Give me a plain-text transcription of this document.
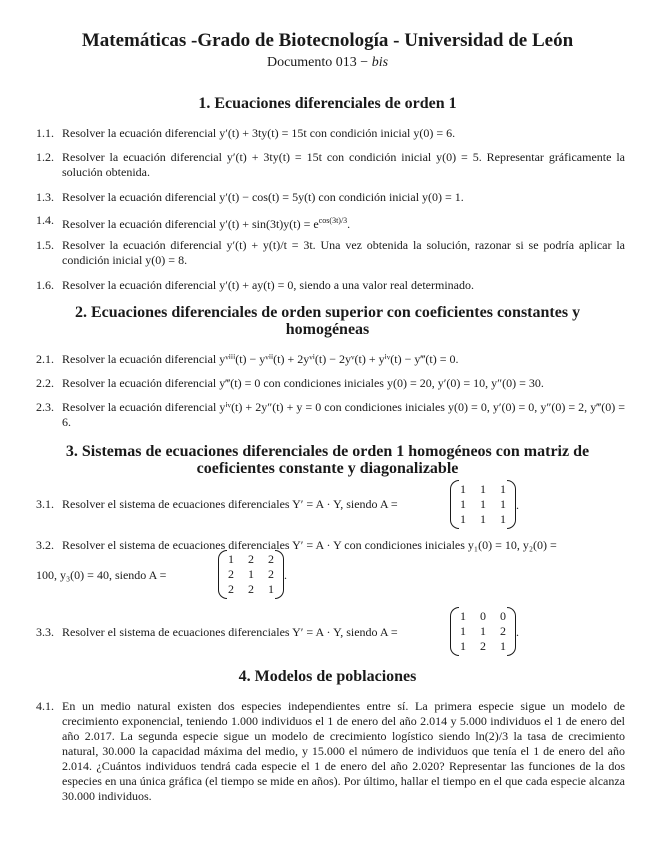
Matemáticas -Grado de Biotecnología - Universidad de León
Documento 013 − bis
1. Ecuaciones diferenciales de orden 1
1.1. Resolver la ecuación diferencial y′(t) + 3ty(t) = 15t con condición inicial y(0) = 6.
1.2. Resolver la ecuación diferencial y′(t) + 3ty(t) = 15t con condición inicial y(0) = 5. Representar gráficamente la solución obtenida.
1.3. Resolver la ecuación diferencial y′(t) − cos(t) = 5y(t) con condición inicial y(0) = 1.
1.4. Resolver la ecuación diferencial $y'(t) + \sin(3t)y(t) = e^{cos(3t)/3}$.
1.5. Resolver la ecuación diferencial y′(t) + y(t)/t = 3t. Una vez obtenida la solución, razonar si se podría aplicar la condición inicial y(0) = 8.
1.6. Resolver la ecuación diferencial y′(t) + ay(t) = 0, siendo a una valor real determinado.
2. Ecuaciones diferenciales de orden superior con coeficientes constantes y
homogéneas
2.1. Resolver la ecuación diferencial yᵛⁱⁱⁱ(t) − yᵛⁱⁱ(t) + 2yᵛⁱ(t) − 2yᵛ(t) + yⁱᵛ(t) − y‴(t) = 0.
2.2. Resolver la ecuación diferencial y‴(t) = 0 con condiciones iniciales y(0) = 20, y′(0) = 10, y″(0) = 30.
2.3. Resolver la ecuación diferencial yⁱᵛ(t) + 2y″(t) + y = 0 con condiciones iniciales y(0) = 0, y′(0) = 0, y″(0) = 2, y‴(0) = 6.
3. Sistemas de ecuaciones diferenciales de orden 1 homogéneos con matriz de
coeficientes constante y diagonalizable
3.1. Resolver el sistema de ecuaciones diferenciales Y′ = A · Y, siendo A =
1 1 1
1 1 1
1 1 1
.
3.2. Resolver el sistema de ecuaciones diferenciales Y′ = A · Y con condiciones iniciales y₁(0) = 10, y₂(0) =
100, y₃(0) = 40, siendo A =
1 2 2
2 1 2
2 2 1
.
3.3. Resolver el sistema de ecuaciones diferenciales Y′ = A · Y, siendo A =
1 0 0
1 1 2
1 2 1
.
4. Modelos de poblaciones
4.1. En un medio natural existen dos especies independientes entre sí. La primera especie sigue un modelo de crecimiento exponencial, teniendo 1.000 individuos el 1 de enero del año 2.014 y 5.000 individuos el 1 de enero del año 2.017. La segunda especie sigue un modelo de crecimiento logístico siendo ln(2)/3 la tasa de crecimiento natural, 30.000 la capacidad máxima del medio, y 15.000 el número de individuos que tenía el 1 de enero del año 2.014. ¿Cuántos individuos tendrá cada especie el 1 de enero del año 2.020? Representar las funciones de la dos especies en una única gráfica (el tiempo se mide en años). Por último, hallar el tiempo en el que cada especie alcanza 30.000 individuos.
